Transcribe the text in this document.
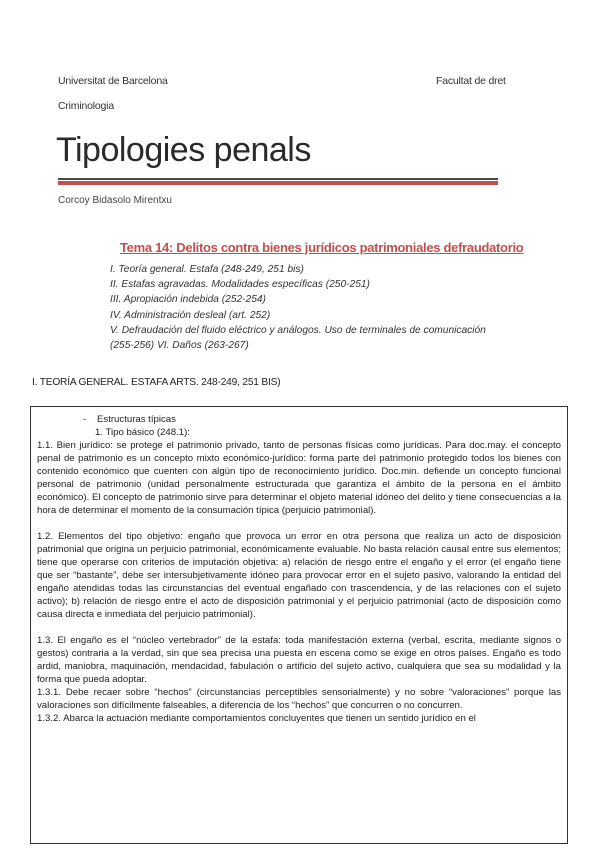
Universitat de Barcelona	Facultat de dret
Criminologia
Tipologies penals
Corcoy Bidasolo Mirentxu
Tema 14: Delitos contra bienes jurídicos patrimoniales defraudatorio
I. Teoría general. Estafa (248-249, 251 bis)
II. Estafas agravadas. Modalidades específicas (250-251)
III. Apropiación indebida (252-254)
IV. Administración desleal (art. 252)
V. Defraudación del fluido eléctrico y análogos. Uso de terminales de comunicación
(255-256) VI. Daños (263-267)
I. TEORÍA GENERAL. ESTAFA ARTS. 248-249, 251 BIS)
- Estructuras típicas
1. Tipo básico (248.1):

1.1. Bien jurídico: se protege el patrimonio privado, tanto de personas físicas como jurídicas. Para doc.may. el concepto penal de patrimonio es un concepto mixto económico-jurídico: forma parte del patrimonio protegido todos los bienes con contenido económico que cuenten con algún tipo de reconocimiento jurídico. Doc.min. defiende un concepto funcional personal de patrimonio (unidad personalmente estructurada que garantiza el ámbito de la persona en el ámbito económico). El concepto de patrimonio sirve para determinar el objeto material idóneo del delito y tiene consecuencias a la hora de determinar el momento de la consumación típica (perjuicio patrimonial).

1.2. Elementos del tipo objetivo: engaño que provoca un error en otra persona que realiza un acto de disposición patrimonial que origina un perjuicio patrimonial, económicamente evaluable. No basta relación causal entre sus elementos; tiene que operarse con criterios de imputación objetiva: a) relación de riesgo entre el engaño y el error (el engaño tiene que ser “bastante”, debe ser intersubjetivamente idóneo para provocar error en el sujeto pasivo, valorando la entidad del engaño atendidas todas las circunstancias del eventual engañado con trascendencia, y de las relaciones con el sujeto activo); b) relación de riesgo entre el acto de disposición patrimonial y el perjuicio patrimonial (acto de disposición como causa directa e inmediata del perjuicio patrimonial).

1.3. El engaño es el “núcleo vertebrador” de la estafa: toda manifestación externa (verbal, escrita, mediante signos o gestos) contraria a la verdad, sin que sea precisa una puesta en escena como se exige en otros países. Engaño es todo ardid, maniobra, maquinación, mendacidad, fabulación o artificio del sujeto activo, cualquiera que sea su modalidad y la forma que pueda adoptar.

1.3.1. Debe recaer sobre “hechos” (circunstancias perceptibles sensorialmente) y no sobre “valoraciones” porque las valoraciones son difícilmente falseables, a diferencia de los “hechos” que concurren o no concurren.

1.3.2. Abarca la actuación mediante comportamientos concluyentes que tienen un sentido jurídico en el
